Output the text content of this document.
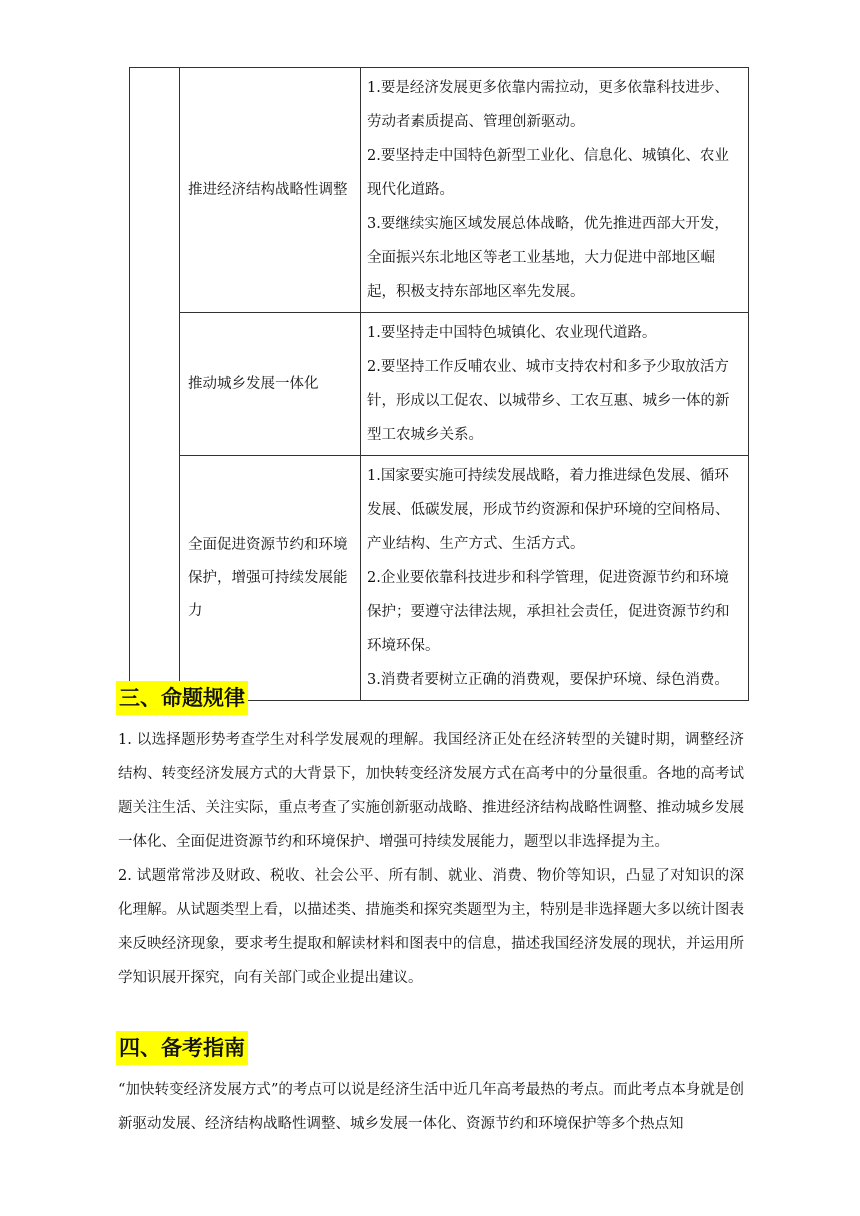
	推进经济结构战略性调整	1.要是经济发展更多依靠内需拉动，更多依靠科技进步、劳动者素质提高、管理创新驱动。

2.要坚持走中国特色新型工业化、信息化、城镇化、农业现代化道路。

3.要继续实施区域发展总体战略，优先推进西部大开发，全面振兴东北地区等老工业基地，大力促进中部地区崛起，积极支持东部地区率先发展。

	推动城乡发展一体化	1.要坚持走中国特色城镇化、农业现代道路。

2.要坚持工作反哺农业、城市支持农村和多予少取放活方针，形成以工促农、以城带乡、工农互惠、城乡一体的新型工农城乡关系。

	全面促进资源节约和环境保护，增强可持续发展能力	1.国家要实施可持续发展战略，着力推进绿色发展、循环发展、低碳发展，形成节约资源和保护环境的空间格局、产业结构、生产方式、生活方式。

2.企业要依靠科技进步和科学管理，促进资源节约和环境保护；要遵守法律法规，承担社会责任，促进资源节约和环境环保。

3.消费者要树立正确的消费观，要保护环境、绿色消费。

三、命题规律

1. 以选择题形势考查学生对科学发展观的理解。我国经济正处在经济转型的关键时期，调整经济结构、转变经济发展方式的大背景下，加快转变经济发展方式在高考中的分量很重。各地的高考试题关注生活、关注实际，重点考查了实施创新驱动战略、推进经济结构战略性调整、推动城乡发展一体化、全面促进资源节约和环境保护、增强可持续发展能力，题型以非选择提为主。

2. 试题常常涉及财政、税收、社会公平、所有制、就业、消费、物价等知识，凸显了对知识的深化理解。从试题类型上看，以描述类、措施类和探究类题型为主，特别是非选择题大多以统计图表来反映经济现象，要求考生提取和解读材料和图表中的信息，描述我国经济发展的现状，并运用所学知识展开探究，向有关部门或企业提出建议。

四、备考指南

“加快转变经济发展方式”的考点可以说是经济生活中近几年高考最热的考点。而此考点本身就是创新驱动发展、经济结构战略性调整、城乡发展一体化、资源节约和环境保护等多个热点知
